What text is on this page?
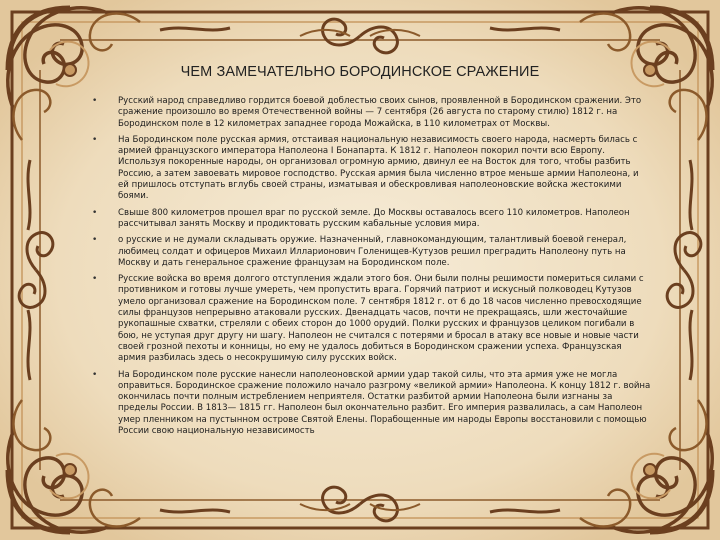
ЧЕМ ЗАМЕЧАТЕЛЬНО БОРОДИНСКОЕ СРАЖЕНИЕ
• Русский народ справедливо гордится боевой доблестью своих сынов, проявленной в Бородинском сражении. Это сражение произошло во время Отечественной войны — 7 сентября (26 августа по старому стилю) 1812 г. на Бородинском поле в 12 километрах западнее города Можайска, в 110 километрах от Москвы.
• На Бородинском поле русская армия, отстаивая национальную независимость своего народа, насмерть билась с армией французского императора Наполеона I Бонапарта. К 1812 г. Наполеон покорил почти всю Европу. Используя покоренные народы, он организовал огромную армию, двинул ее на Восток для того, чтобы разбить Россию, а затем завоевать мировое господство. Русская армия была численно втрое меньше армии Наполеона, и ей пришлось отступать вглубь своей страны, изматывая и обескровливая наполеоновские войска жестокими боями.
• Свыше 800 километров прошел враг по русской земле. До Москвы оставалось всего 110 километров. Наполеон рассчитывал занять Москву и продиктовать русским кабальные условия мира.
• о русские и не думали складывать оружие. Назначенный, главнокомандующим, талантливый боевой генерал, любимец солдат и офицеров Михаил Илларионович Голенищев-Кутузов решил преградить Наполеону путь на Москву и дать генеральное сражение французам на Бородинском поле.
• Русские войска во время долгого отступления ждали этого боя. Они были полны решимости помериться силами с противником и готовы лучше умереть, чем пропустить врага. Горячий патриот и искусный полководец Кутузов умело организовал сражение на Бородинском поле. 7 сентября 1812 г. от 6 до 18 часов численно превосходящие силы французов непрерывно атаковали русских. Двенадцать часов, почти не прекращаясь, шли жесточайшие рукопашные схватки, стреляли с обеих сторон до 1000 орудий. Полки русских и французов целиком погибали в бою, не уступая друг другу ни шагу. Наполеон не считался с потерями и бросал в атаку все новые и новые части своей грозной пехоты и конницы, но ему не удалось добиться в Бородинском сражении успеха. Французская армия разбилась здесь о несокрушимую силу русских войск.
• На Бородинском поле русские нанесли наполеоновской армии удар такой силы, что эта армия уже не могла оправиться. Бородинское сражение положило начало разгрому «великой армии» Наполеона. К концу 1812 г. война окончилась почти полным истреблением неприятеля. Остатки разбитой армии Наполеона были изгнаны за пределы России. В 1813— 1815 гг. Наполеон был окончательно разбит. Его империя развалилась, а сам Наполеон умер пленником на пустынном острове Святой Елены. Порабощенные им народы Европы восстановили с помощью России свою национальную независимость
